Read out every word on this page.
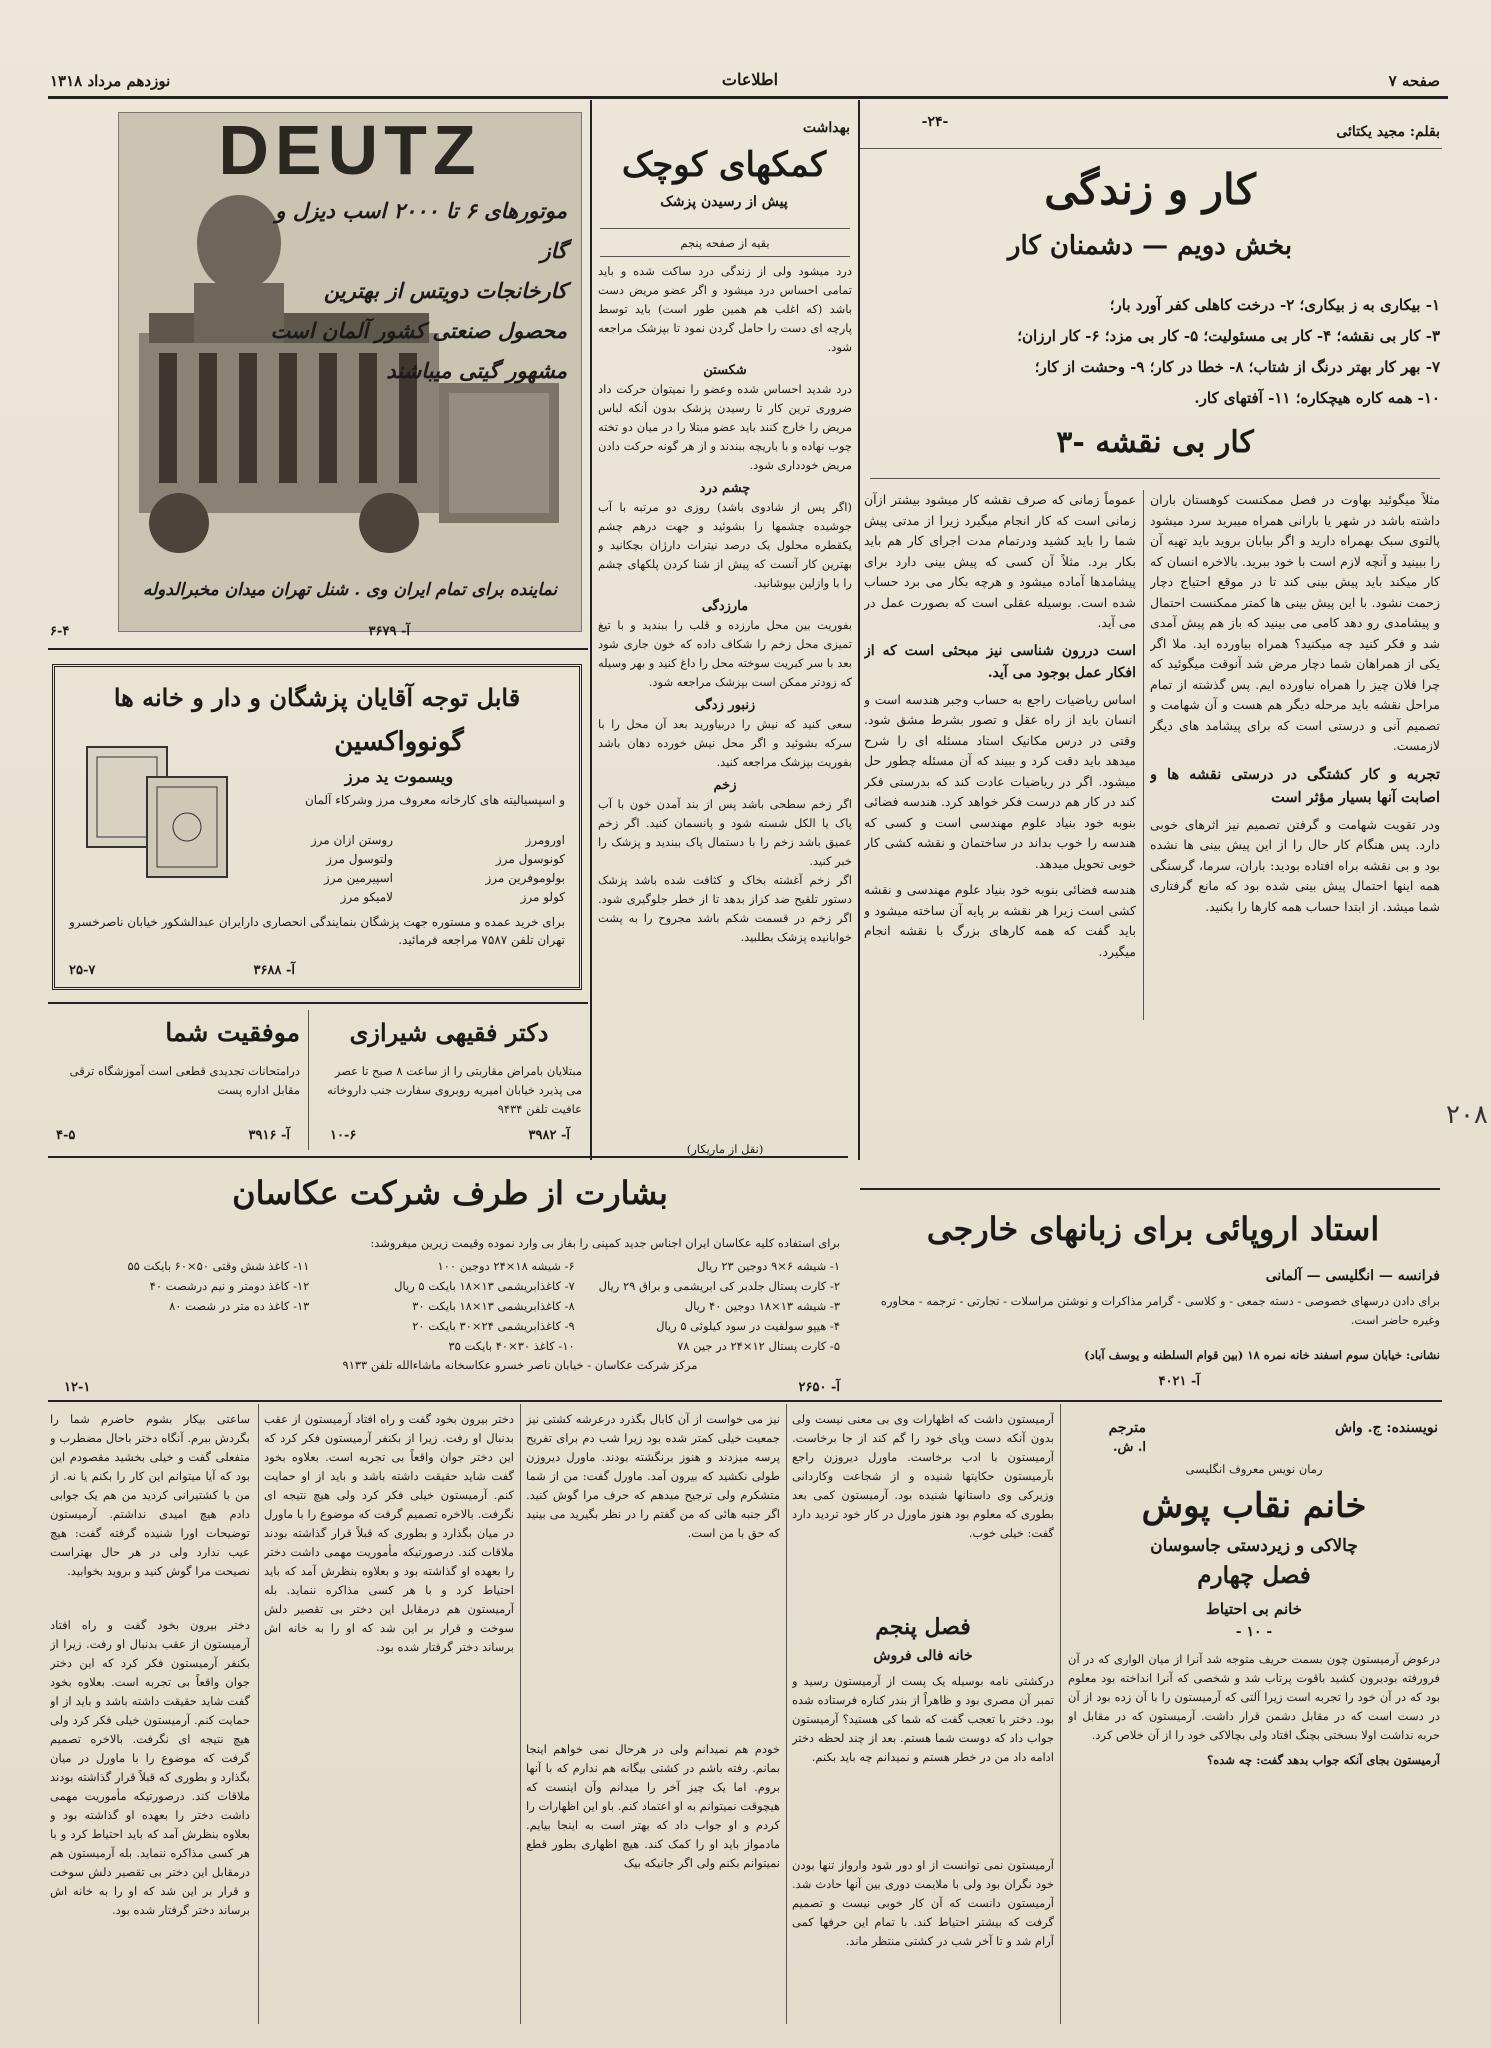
صفحه ۷
اطلاعات
نوزدهم مرداد ۱۳۱۸
۲۰۸
بقلم: مجید یکتائی
-۲۴-
کار و زندگی
بخش دویم — دشمنان کار
۱- بیکاری به ز بیکاری؛ ۲- درخت کاهلی کفر آورد بار؛
۳- کار بی نقشه؛ ۴- کار بی مسئولیت؛ ۵- کار بی مزد؛ ۶- کار ارزان؛
۷- بهر کار بهتر درنگ از شتاب؛ ۸- خطا در کار؛ ۹- وحشت از کار؛
۱۰- همه کاره هیچکاره؛ ۱۱- آفتهای کار.
۳- کار بی نقشه
مثلاً میگوئید بهاوت در فصل ممکنست کوهستان باران داشته باشد در شهر یا بارانی همراه میبرید سرد میشود پالتوی سبک بهمراه دارید و اگر بیابان بروید باید تهیه آن را ببینید و آنچه لازم است با خود ببرید. بالاخره انسان که کار میکند باید پیش بینی کند تا در موقع احتیاج دچار زحمت نشود. با این پیش بینی ها کمتر ممکنست احتمال و پیشامدی رو دهد کامی می بینید که باز هم پیش آمدی شد و فکر کنید چه میکنید؟ همراه بیاورده اید. ملا اگر یکی از همراهان شما دچار مرض شد آنوقت میگوئید که چرا فلان چیز را همراه نیاورده ایم. پس گذشته از تمام مراحل نقشه باید مرحله دیگر هم هست و آن شهامت و تصمیم آنی و درستی است که برای پیشامد های دیگر لازمست.
تجربه و کار کشتگی در درستی نقشه ها و اصابت آنها بسیار مؤثر است
ودر تقویت شهامت و گرفتن تصمیم نیز اثرهای خوبی دارد. پس هنگام کار حال را از این پیش بینی ها نشده بود و بی نقشه براه افتاده بودید: باران، سرما، گرسنگی همه اینها احتمال پیش بینی شده بود که مانع گرفتاری شما میشد. از ابتدا حساب همه کارها را بکنید.
عموماً زمانی که صرف نقشه کار میشود بیشتر ازآن زمانی است که کار انجام میگیرد زیرا از مدتی پیش شما را باید کشید ودرتمام مدت اجرای کار هم باید بکار برد. مثلاً آن کسی که پیش بینی دارد برای پیشامدها آماده میشود و هرچه بکار می برد حساب شده است. بوسیله عقلی است که بصورت عمل در می آید.
است دررون شناسی نیز مبحثی است که از افکار عمل بوجود می آید.
اساس ریاضیات راجع به حساب وجبر هندسه است و انسان باید از راه عقل و تصور بشرط مشق شود. وقتی در درس مکانیک استاد مسئله ای را شرح میدهد باید دقت کرد و ببیند که آن مسئله چطور حل میشود. اگر در ریاضیات عادت کند که بدرستی فکر کند در کار هم درست فکر خواهد کرد. هندسه فضائی بنوبه خود بنیاد علوم مهندسی است و کسی که هندسه را خوب بداند در ساختمان و نقشه کشی کار خوبی تحویل میدهد.
هندسه فضائی بنوبه خود بنیاد علوم مهندسی و نقشه کشی است زیرا هر نقشه بر پایه آن ساخته میشود و باید گفت که همه کارهای بزرگ با نقشه انجام میگیرد.
بهداشت
کمکهای کوچک
پیش از رسیدن پزشک
بقیه از صفحه پنجم

درد میشود ولی از زندگی درد ساکت شده و باید تمامی احساس درد میشود و اگر عضو مریض دست باشد (که اغلب هم همین طور است) باید توسط پارچه ای دست را حامل گردن نمود تا بپزشک مراجعه شود.

شکستن

درد شدید احساس شده وعضو را نمیتوان حرکت داد ضروری ترین کار تا رسیدن پزشک بدون آنکه لباس مریض را خارج کنند باید عضو مبتلا را در میان دو تخته چوب نهاده و با باریچه ببندند و از هر گونه حرکت دادن مریض خودداری شود.

چشم درد

(اگر پس از شادوی باشد) روزی دو مرتبه با آب جوشیده چشمها را بشوئید و جهت درهم چشم یکقطره محلول یک درصد نیترات دارژان بچکانید و بهترین کار آنست که پیش از شنا کردن پلکهای چشم را با وازلین بپوشانید.

مارزدگی

بفوریت بین محل مارزده و قلب را ببندید و با تیغ تمیزی محل زخم را شکاف داده که خون جاری شود بعد با سر کبریت سوخته محل را داغ کنید و بهر وسیله که زودتر ممکن است بپزشک مراجعه شود.

زنبور زدگی

سعی کنید که نیش را دربیاورید بعد آن محل را با سرکه بشوئید و اگر محل نیش خورده دهان باشد بفوریت بپزشک مراجعه کنید.

زخم

اگر زخم سطحی باشد پس از بند آمدن خون با آب پاک یا الکل شسته شود و پانسمان کنید. اگر زخم عمیق باشد زخم را با دستمال پاک ببندید و پزشک را خبر کنید.

اگر زخم آغشته بخاک و کثافت شده باشد پزشک دستور تلقیح ضد کزاز بدهد تا از خطر جلوگیری شود. اگر زخم در قسمت شکم باشد مجروح را به پشت خوابانیده پزشک بطلبید.

(نقل از ماریکار)
DEUTZ
موتورهای ۶ تا ۲۰۰۰ اسب دیزل و گاز
کارخانجات دویتس از بهترین
محصول صنعتی کشور آلمان است
مشهور گیتی میباشند
نماینده برای تمام ایران وی . شنل تهران میدان مخبرالدوله
آ- ۳۶۷۹
۶-۴
قابل توجه آقایان پزشگان و دار و خانه ها
گونوواکسین
ویسموت ید مرز
و اسپسیالیته های کارخانه معروف مرز وشرکاء آلمان
اورومرز
کونوسول مرز
بولوموفرین مرز
کولو مرز
روستن ازان مرز
ولتوسول مرز
اسپیرمین مرز
لامیکو مرز
برای خرید عمده و مستوره جهت پزشگان بنمایندگی انحصاری دارایران عبدالشکور خیابان ناصرخسرو تهران تلفن ۷۵۸۷ مراجعه فرمائید.
آ- ۳۶۸۸
۲۵-۷
موفقیت شما
درامتحانات تجدیدی قطعی است آموزشگاه ترقی مقابل اداره پست
آ- ۳۹۱۶
۴-۵
دکتر فقیهی شیرازی
مبتلایان بامراض مقاربتی را از ساعت ۸ صبح تا عصر می پذیرد خیابان امیریه روبروی سفارت جنب داروخانه عافیت تلفن ۹۴۳۴
آ- ۳۹۸۲
۱۰-۶
بشارت از طرف شرکت عکاسان
برای استفاده کلیه عکاسان ایران اجناس جدید کمپنی را بفاز بی وارد نموده وقیمت زیرین میفروشد:
۱- شیشه ۶×۹ دوجین ۲۳ ریال
۲- کارت پستال جلدبر کی ابریشمی و براق ۲۹ ریال
۳- شیشه ۱۳×۱۸ دوجین ۴۰ ریال
۴- هیپو سولفیت در سود کیلوئی ۵ ریال
۵- کارت پستال ۱۲×۲۴ در جین ۷۸
۶- شیشه ۱۸×۲۴ دوجین ۱۰۰
۷- کاغذابریشمی ۱۳×۱۸ بایکت ۵ ریال
۸- کاغذابریشمی ۱۳×۱۸ بایکت ۳۰
۹- کاغذابریشمی ۲۴×۳۰ بایکت ۲۰
۱۰- کاغذ ۳۰×۴۰ بایکت ۳۵
۱۱- کاغذ شش وقتی ۵۰×۶۰ بایکت ۵۵
۱۲- کاغذ دومتر و نیم درشصت ۴۰
۱۳- کاغذ ده متر در شصت ۸۰
مرکز شرکت عکاسان - خیابان ناصر خسرو عکاسخانه ماشاءالله تلفن ۹۱۳۳
آ- ۲۶۵۰
۱۲-۱
استاد اروپائی برای زبانهای خارجی
فرانسه — انگلیسی — آلمانی
برای دادن درسهای خصوصی - دسته جمعی - و کلاسی - گرامر مذاکرات و نوشتن مراسلات - تجارتی - ترجمه - محاوره وغیره حاضر است.
نشانی: خیابان سوم اسفند خانه نمره ۱۸ (بین قوام السلطنه و یوسف آباد)
آ- ۴۰۲۱
نویسنده: ج. واش
مترجم
ا. ش.
رمان نویس معروف انگلیسی
خانم نقاب پوش
چالاکی و زیردستی جاسوسان
فصل چهارم
خانم بی احتیاط
- ۱۰ -
درعوض آرمیستون چون بسمت حریف متوجه شد آنرا از میان الواری که در آن فرورفته بودیرون کشید باقوت پرتاب شد و شخصی که آنرا انداخته بود معلوم بود که در آن خود را تجربه است زیرا آلتی که آرمیستون را با آن زده بود از آن در دست است که در مقابل دشمن قرار داشت. آرمیستون که در مقابل او حربه نداشت اولا بسختی بچنگ افتاد ولی بچالاکی خود را از آن خلاص کرد.
آرمیستون بجای آنکه جواب بدهد گفت: چه شده؟
آرمیستون داشت که اظهارات وی بی معنی نیست ولی بدون آنکه دست وپای خود را گم کند از جا برخاست. آرمیستون با ادب برخاست. ماورل دیروزن راجع بآرمیستون حکایتها شنیده و از شجاعت وکاردانی وزیرکی وی داستانها شنیده بود. آرمیستون کمی بعد بطوری که معلوم بود هنوز ماورل در کار خود تردید دارد گفت: خیلی خوب.
فصل پنجم
خانه فالی فروش
درکشتی نامه بوسیله یک پست از آرمیستون رسید و تمبر آن مصری بود و ظاهراً از بندر کناره فرستاده شده بود. دختر با تعجب گفت که شما کی هستید؟ آرمیستون جواب داد که دوست شما هستم. بعد از چند لحظه دختر ادامه داد من در خطر هستم و نمیدانم چه باید بکنم.
آرمیستون نمی توانست از او دور شود وارواز تنها بودن خود نگران بود ولی با ملایمت دوری بین آنها حادث شد. آرمیستون دانست که آن کار خوبی نیست و تصمیم گرفت که بیشتر احتیاط کند. با تمام این حرفها کمی آرام شد و تا آخر شب در کشتی منتظر ماند.
نیز می خواست از آن کابال بگذرد درعرشه کشتی نیز جمعیت خیلی کمتر شده بود زیرا شب دم برای تفریح پرسه میزدند و هنوز برنگشته بودند. ماورل دیروزن طولی نکشید که بیرون آمد. ماورل گفت: من از شما متشکرم ولی ترجیح میدهم که حرف مرا گوش کنید. اگر جنبه هائی که من گفتم را در نظر بگیرید می بینید که حق با من است.
خودم هم نمیدانم ولی در هرحال نمی خواهم اینجا بمانم. رفته باشم در کشتی بیگانه هم ندارم که با آنها بروم. اما یک چیز آخر را میدانم وآن اینست که هیچوقت نمیتوانم به او اعتماد کنم. باو این اظهارات را کردم و او جواب داد که بهتر است به اینجا بیایم. مادمواز باید او را کمک کند. هیچ اظهاری بطور قطع نمیتوانم بکنم ولی اگر جانیکه بیک
ساعتی بیکار بشوم حاضرم شما را بگردش ببرم. آنگاه دختر باحال مضطرب و متفعلی گفت و خیلی بخشید مقصودم این بود که آیا میتوانم این کار را بکنم یا نه. از من با کشتیرانی کردید من هم یک جوابی دادم هیچ امیدی نداشتم. آرمیستون توضیحات اورا شنیده گرفته گفت: هیچ عیب ندارد ولی در هر حال بهتراست نصیحت مرا گوش کنید و بروید بخوابید.
دختر بیرون بخود گفت و راه افتاد آرمیستون از عقب بدنبال او رفت. زیرا از بکنفر آرمیستون فکر کرد که این دختر جوان واقعاً بی تجربه است. بعلاوه بخود گفت شاید حقیقت داشته باشد و باید از او حمایت کنم. آرمیستون خیلی فکر کرد ولی هیچ نتیجه ای نگرفت. بالاخره تصمیم گرفت که موضوع را با ماورل در میان بگذارد و بطوری که قبلاً قرار گذاشته بودند ملاقات کند. درصورتیکه مأموریت مهمی داشت دختر را بعهده او گذاشته بود و بعلاوه بنظرش آمد که باید احتیاط کرد و با هر کسی مذاکره ننماید. بله آرمیستون هم درمقابل این دختر بی تقصیر دلش سوخت و قرار بر این شد که او را به خانه اش برساند دختر گرفتار شده بود.
دختر بیرون بخود گفت و راه افتاد آرمیستون از عقب بدنبال او رفت. زیرا از بکنفر آرمیستون فکر کرد که این دختر جوان واقعاً بی تجربه است. بعلاوه بخود گفت شاید حقیقت داشته باشد و باید از او حمایت کنم. آرمیستون خیلی فکر کرد ولی هیچ نتیجه ای نگرفت. بالاخره تصمیم گرفت که موضوع را با ماورل در میان بگذارد و بطوری که قبلاً قرار گذاشته بودند ملاقات کند. درصورتیکه مأموریت مهمی داشت دختر را بعهده او گذاشته بود و بعلاوه بنظرش آمد که باید احتیاط کرد و با هر کسی مذاکره ننماید. بله آرمیستون هم درمقابل این دختر بی تقصیر دلش سوخت و قرار بر این شد که او را به خانه اش برساند دختر گرفتار شده بود.
